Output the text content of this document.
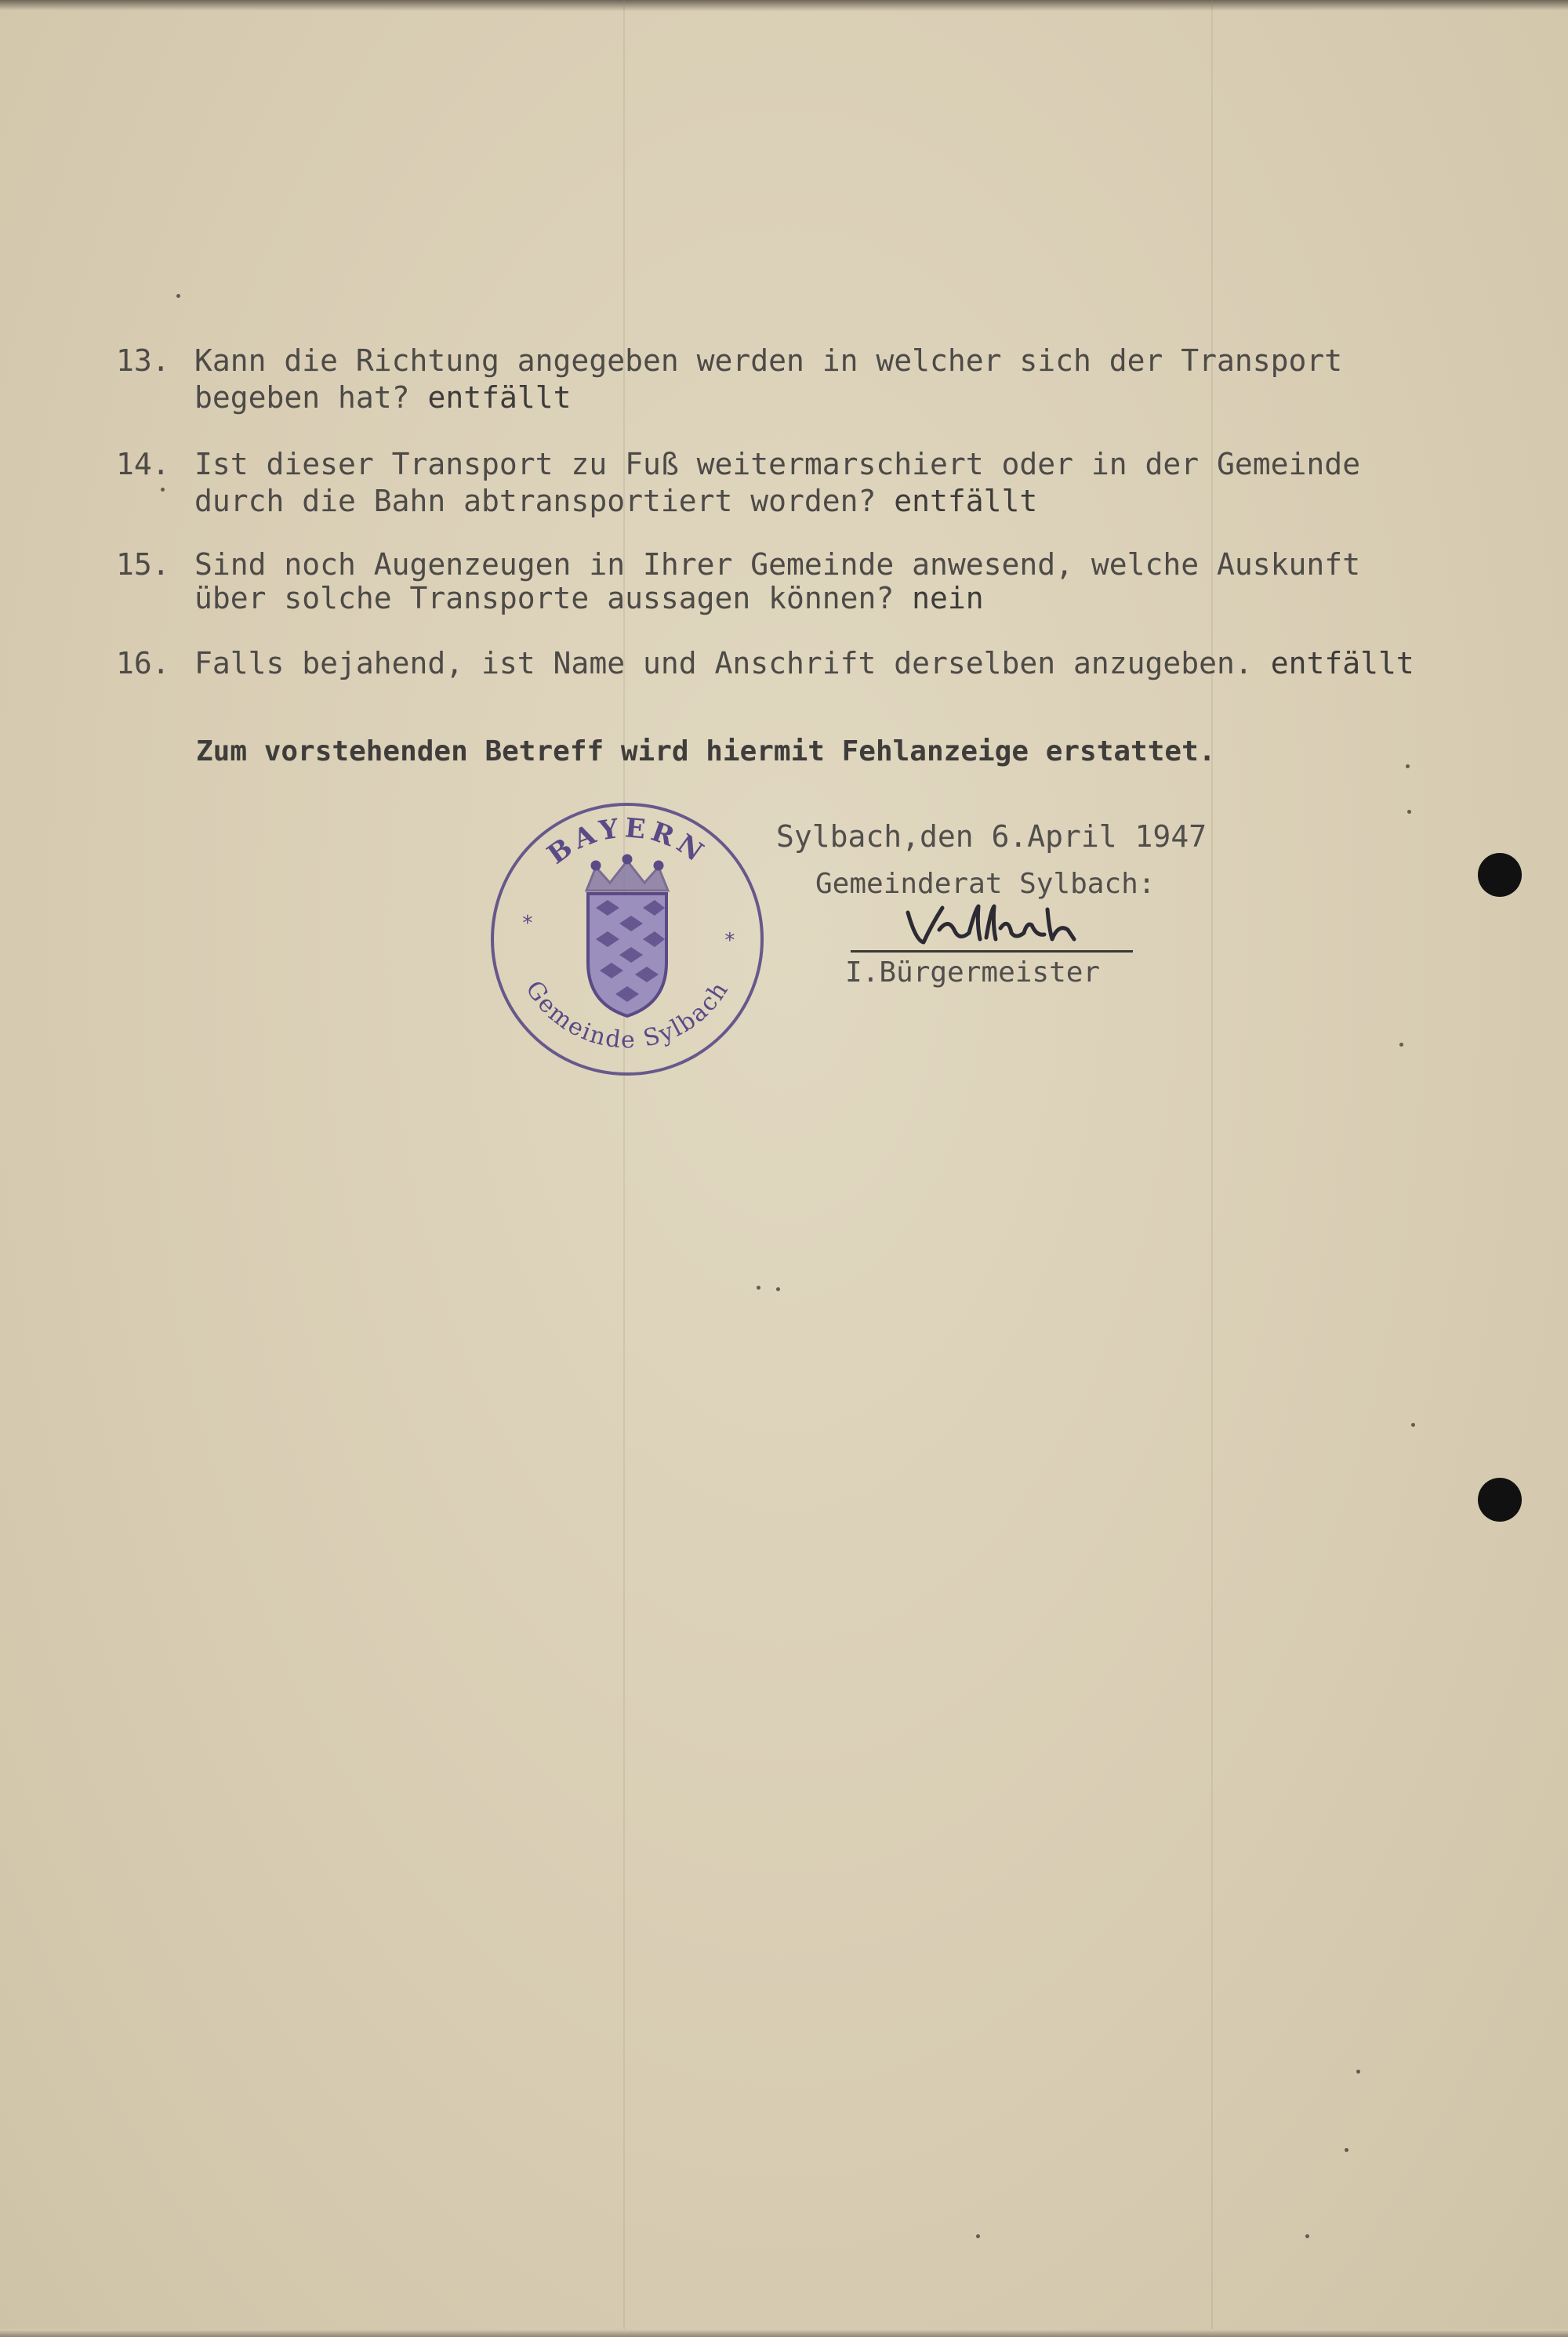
13. Kann die Richtung angegeben werden in welcher sich der Transport
begeben hat? entfällt
14. Ist dieser Transport zu Fuß weitermarschiert oder in der Gemeinde
durch die Bahn abtransportiert worden? entfällt
15. Sind noch Augenzeugen in Ihrer Gemeinde anwesend, welche Auskunft
über solche Transporte aussagen können? nein
16. Falls bejahend, ist Name und Anschrift derselben anzugeben. entfällt
Zum vorstehenden Betreff wird hiermit Fehlanzeige erstattet.
BAYERN
Gemeinde Sylbach
*
*
Sylbach,den 6.April 1947
Gemeinderat Sylbach:
I.Bürgermeister
